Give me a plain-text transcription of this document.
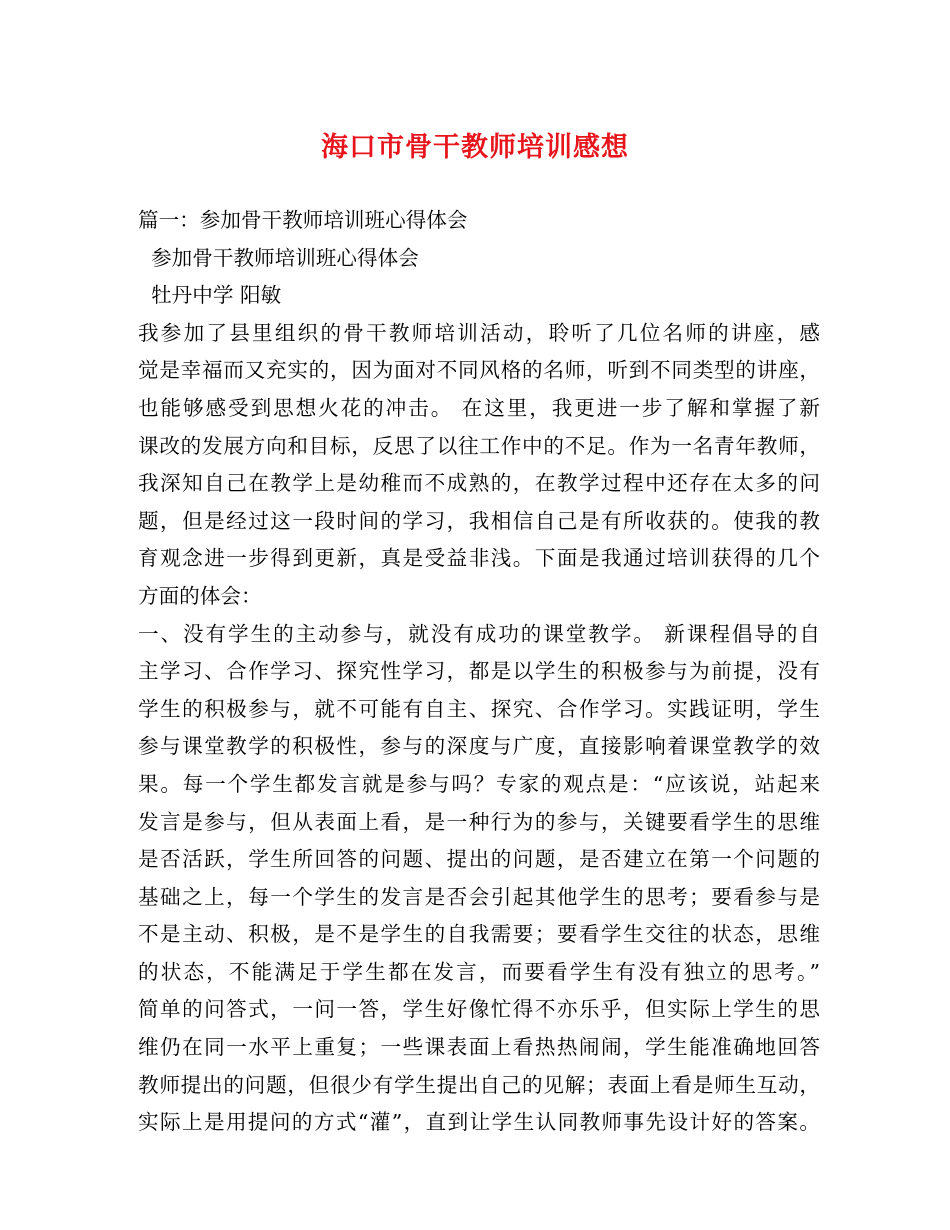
海口市骨干教师培训感想

篇一：参加骨干教师培训班心得体会

参加骨干教师培训班心得体会

牡丹中学 阳敏

我参加了县里组织的骨干教师培训活动，聆听了几位名师的讲座，感

觉是幸福而又充实的，因为面对不同风格的名师，听到不同类型的讲座，

也能够感受到思想火花的冲击。 在这里，我更进一步了解和掌握了新

课改的发展方向和目标，反思了以往工作中的不足。作为一名青年教师，

我深知自己在教学上是幼稚而不成熟的，在教学过程中还存在太多的问

题，但是经过这一段时间的学习，我相信自己是有所收获的。使我的教

育观念进一步得到更新，真是受益非浅。下面是我通过培训获得的几个

方面的体会：

一、没有学生的主动参与，就没有成功的课堂教学。 新课程倡导的自

主学习、合作学习、探究性学习，都是以学生的积极参与为前提，没有

学生的积极参与，就不可能有自主、探究、合作学习。实践证明，学生

参与课堂教学的积极性，参与的深度与广度，直接影响着课堂教学的效

果。每一个学生都发言就是参与吗？专家的观点是：“应该说，站起来

发言是参与，但从表面上看，是一种行为的参与，关键要看学生的思维

是否活跃，学生所回答的问题、提出的问题，是否建立在第一个问题的

基础之上，每一个学生的发言是否会引起其他学生的思考；要看参与是

不是主动、积极，是不是学生的自我需要；要看学生交往的状态，思维

的状态，不能满足于学生都在发言，而要看学生有没有独立的思考。”

简单的问答式，一问一答，学生好像忙得不亦乐乎，但实际上学生的思

维仍在同一水平上重复；一些课表面上看热热闹闹，学生能准确地回答

教师提出的问题，但很少有学生提出自己的见解；表面上看是师生互动，

实际上是用提问的方式“灌”，直到让学生认同教师事先设计好的答案。
